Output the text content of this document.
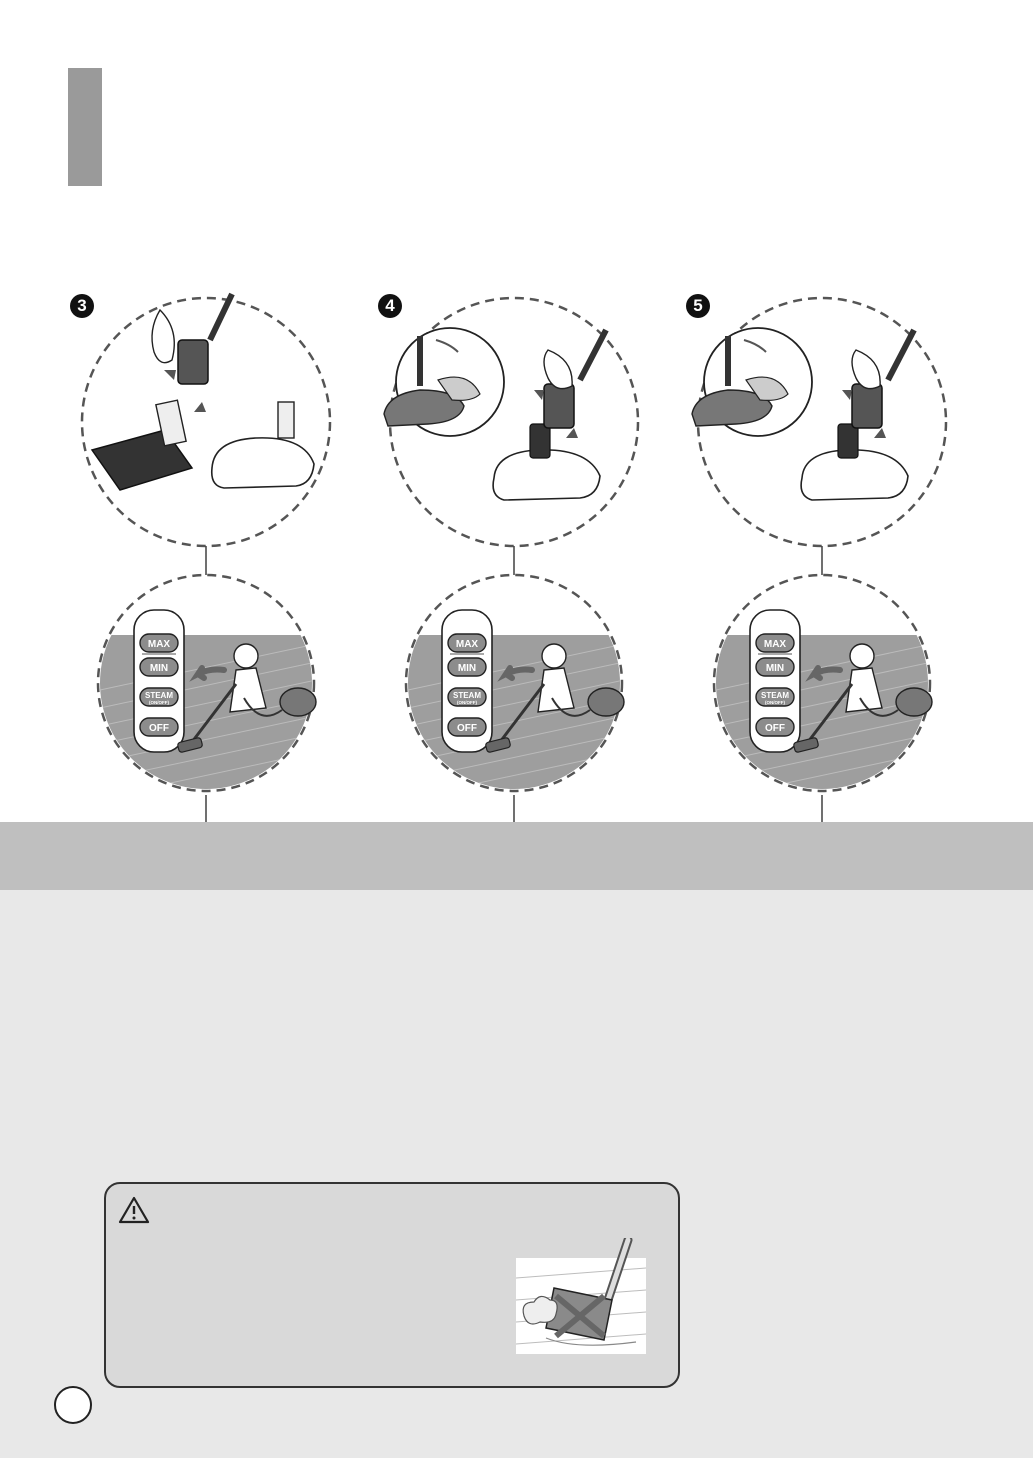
MAX
MIN
STEAM
(ON/OFF)
OFF
3
MAX
MIN
STEAM
(ON/OFF)
OFF
4
MAX
MIN
STEAM
(ON/OFF)
OFF
5
